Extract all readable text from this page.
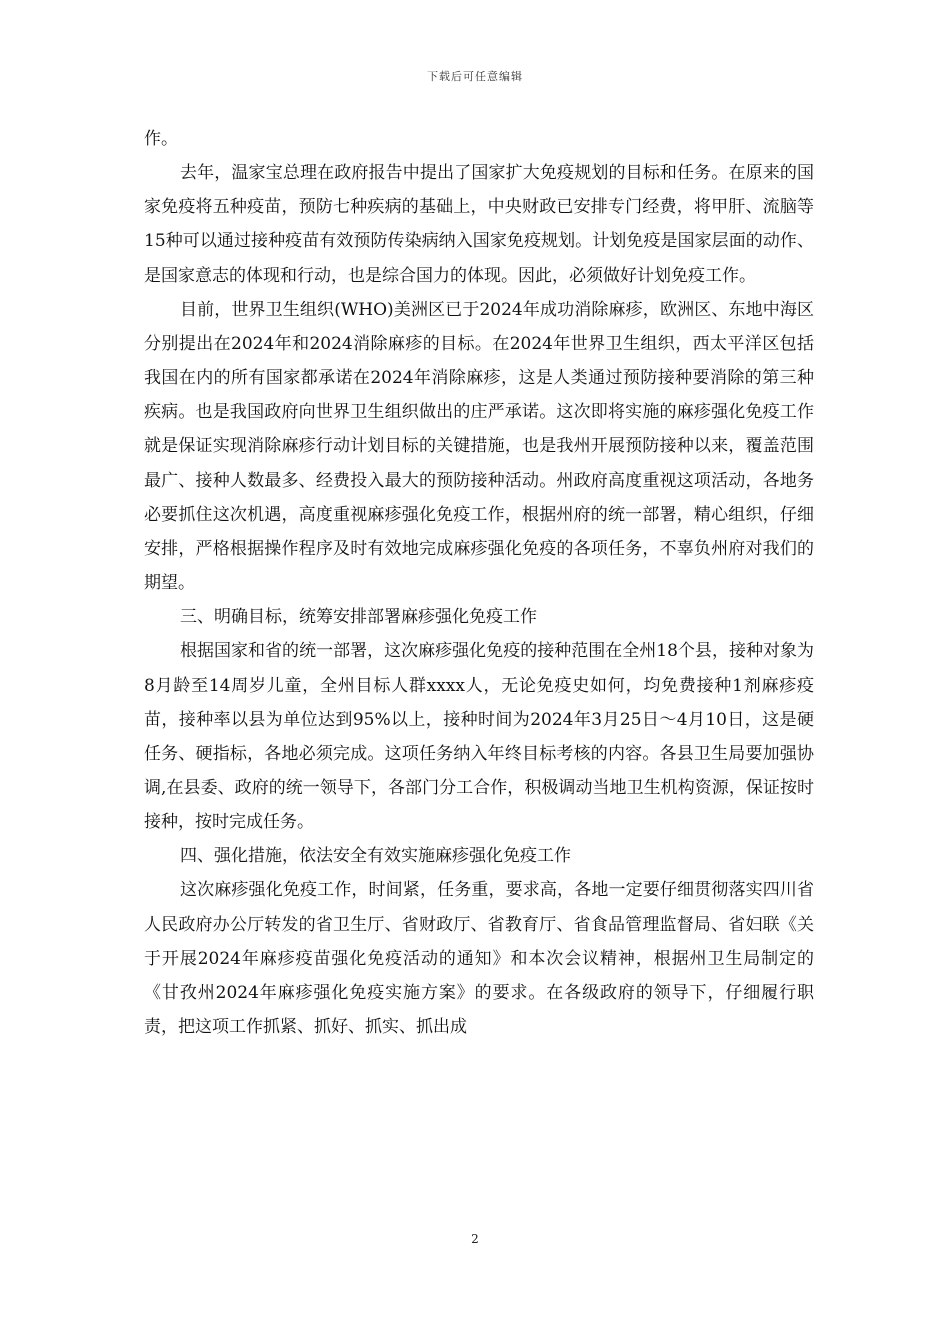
下载后可任意编辑

作。

去年，温家宝总理在政府报告中提出了国家扩大免疫规划的目标和任务。在原来的国家免疫将五种疫苗，预防七种疾病的基础上，中央财政已安排专门经费，将甲肝、流脑等15种可以通过接种疫苗有效预防传染病纳入国家免疫规划。计划免疫是国家层面的动作、是国家意志的体现和行动，也是综合国力的体现。因此，必须做好计划免疫工作。

目前，世界卫生组织(WHO)美洲区已于2024年成功消除麻疹，欧洲区、东地中海区分别提出在2024年和2024消除麻疹的目标。在2024年世界卫生组织，西太平洋区包括我国在内的所有国家都承诺在2024年消除麻疹，这是人类通过预防接种要消除的第三种疾病。也是我国政府向世界卫生组织做出的庄严承诺。这次即将实施的麻疹强化免疫工作就是保证实现消除麻疹行动计划目标的关键措施，也是我州开展预防接种以来，覆盖范围最广、接种人数最多、经费投入最大的预防接种活动。州政府高度重视这项活动，各地务必要抓住这次机遇，高度重视麻疹强化免疫工作，根据州府的统一部署，精心组织，仔细安排，严格根据操作程序及时有效地完成麻疹强化免疫的各项任务，不辜负州府对我们的期望。

三、明确目标，统筹安排部署麻疹强化免疫工作

根据国家和省的统一部署，这次麻疹强化免疫的接种范围在全州18个县，接种对象为8月龄至14周岁儿童，全州目标人群xxxx人，无论免疫史如何，均免费接种1剂麻疹疫苗，接种率以县为单位达到95%以上，接种时间为2024年3月25日～4月10日，这是硬任务、硬指标，各地必须完成。这项任务纳入年终目标考核的内容。各县卫生局要加强协调,在县委、政府的统一领导下，各部门分工合作，积极调动当地卫生机构资源，保证按时接种，按时完成任务。

四、强化措施，依法安全有效实施麻疹强化免疫工作

这次麻疹强化免疫工作，时间紧，任务重，要求高，各地一定要仔细贯彻落实四川省人民政府办公厅转发的省卫生厅、省财政厅、省教育厅、省食品管理监督局、省妇联《关于开展2024年麻疹疫苗强化免疫活动的通知》和本次会议精神，根据州卫生局制定的《甘孜州2024年麻疹强化免疫实施方案》的要求。在各级政府的领导下，仔细履行职责，把这项工作抓紧、抓好、抓实、抓出成

2
